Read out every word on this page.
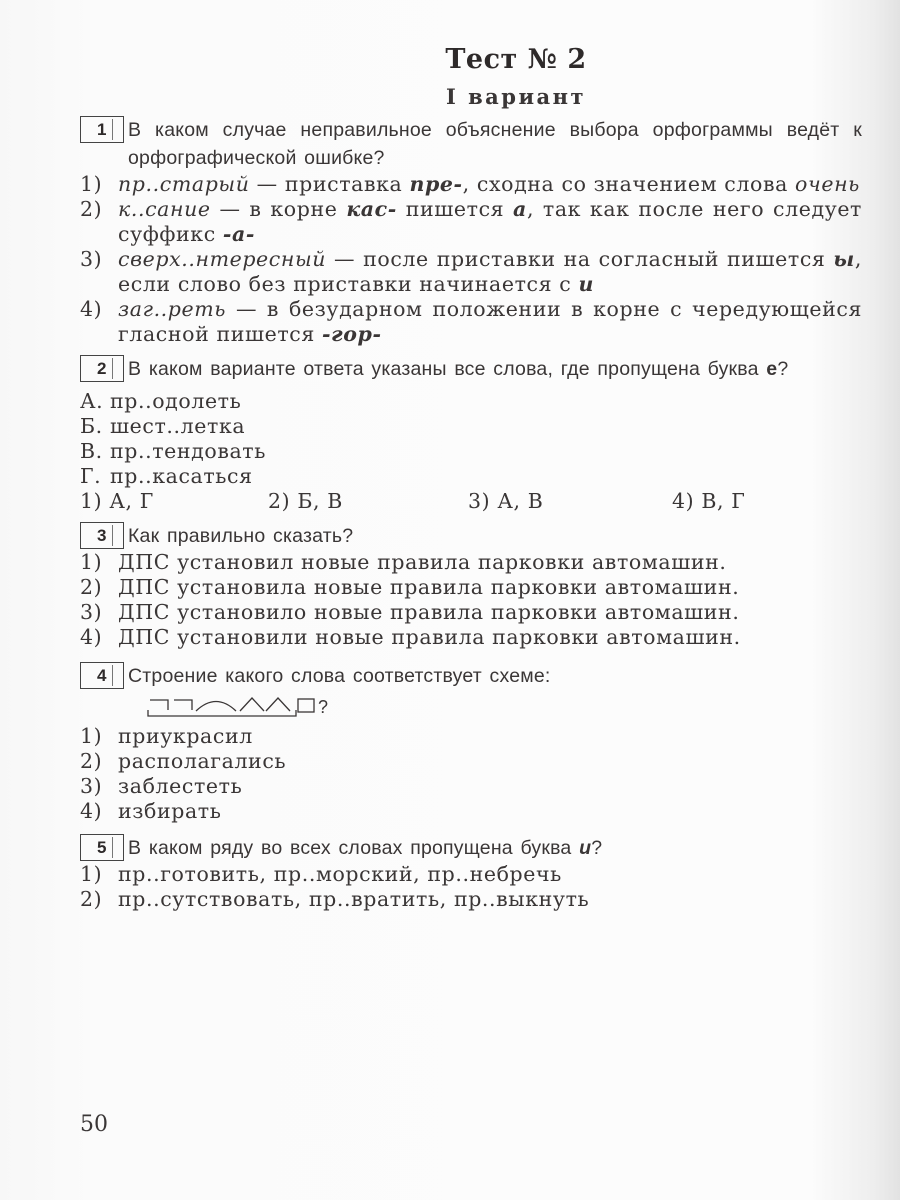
Тест № 2
I вариант
1	В каком случае неправильное объяснение выбора орфограммы ведёт к орфографической ошибке?
1) пр..старый — приставка пре-, сходна со значением слова очень
2) к..сание — в корне кас- пишется а, так как после него следует суффикс -а-
3) сверх..нтересный — после приставки на согласный пишется ы, если слово без приставки начинается с и
4) заг..реть — в безударном положении в корне с чередующейся гласной пишется -гор-
2	В каком варианте ответа указаны все слова, где пропущена буква е?
А. пр..одолеть
Б. шест..летка
В. пр..тендовать
Г. пр..касаться
1) А, Г	2) Б, В	3) А, В	4) В, Г
3	Как правильно сказать?
1) ДПС установил новые правила парковки автомашин.
2) ДПС установила новые правила парковки автомашин.
3) ДПС установило новые правила парковки автомашин.
4) ДПС установили новые правила парковки автомашин.
4	Строение какого слова соответствует схеме:
?
1) приукрасил
2) располагались
3) заблестеть
4) избирать
5	В каком ряду во всех словах пропущена буква и?
1) пр..готовить, пр..морский, пр..небречь
2) пр..сутствовать, пр..вратить, пр..выкнуть
50
